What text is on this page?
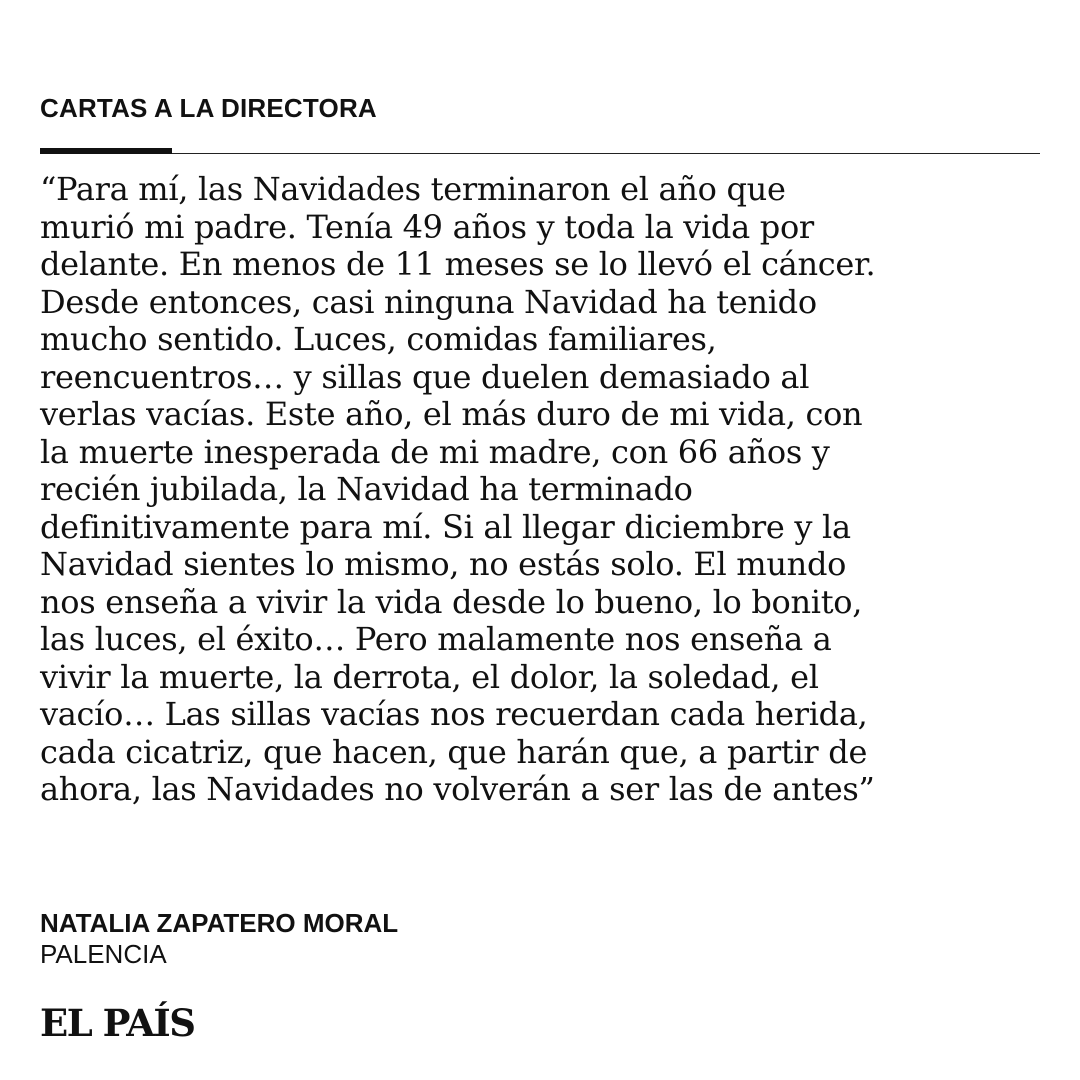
CARTAS A LA DIRECTORA
“Para mí, las Navidades terminaron el año que
murió mi padre. Tenía 49 años y toda la vida por
delante. En menos de 11 meses se lo llevó el cáncer.
Desde entonces, casi ninguna Navidad ha tenido
mucho sentido. Luces, comidas familiares,
reencuentros… y sillas que duelen demasiado al
verlas vacías. Este año, el más duro de mi vida, con
la muerte inesperada de mi madre, con 66 años y
recién jubilada, la Navidad ha terminado
definitivamente para mí. Si al llegar diciembre y la
Navidad sientes lo mismo, no estás solo. El mundo
nos enseña a vivir la vida desde lo bueno, lo bonito,
las luces, el éxito… Pero malamente nos enseña a
vivir la muerte, la derrota, el dolor, la soledad, el
vacío… Las sillas vacías nos recuerdan cada herida,
cada cicatriz, que hacen, que harán que, a partir de
ahora, las Navidades no volverán a ser las de antes”
NATALIA ZAPATERO MORAL
PALENCIA
EL PAÍS
